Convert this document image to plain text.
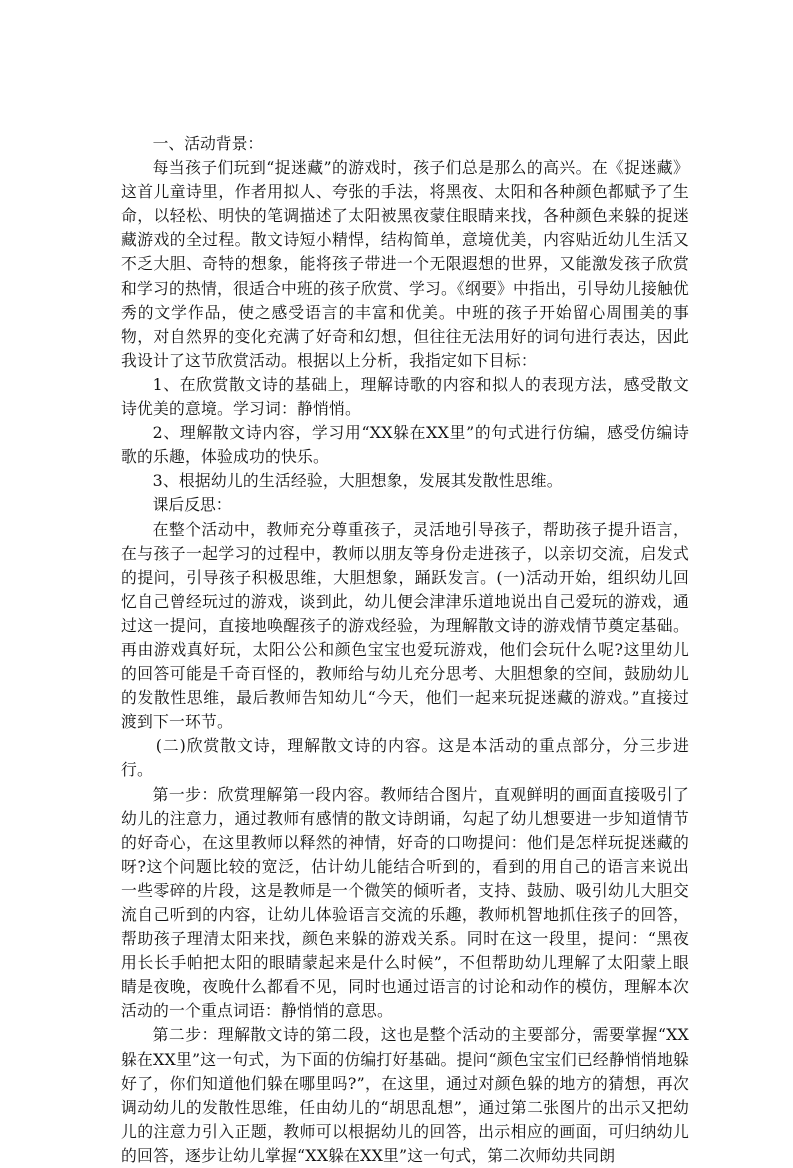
一、活动背景：

每当孩子们玩到“捉迷藏”的游戏时，孩子们总是那么的高兴。在《捉迷藏》这首儿童诗里，作者用拟人、夸张的手法，将黑夜、太阳和各种颜色都赋予了生命，以轻松、明快的笔调描述了太阳被黑夜蒙住眼睛来找，各种颜色来躲的捉迷藏游戏的全过程。散文诗短小精悍，结构简单，意境优美，内容贴近幼儿生活又不乏大胆、奇特的想象，能将孩子带进一个无限遐想的世界，又能激发孩子欣赏和学习的热情，很适合中班的孩子欣赏、学习。《纲要》中指出，引导幼儿接触优秀的文学作品，使之感受语言的丰富和优美。中班的孩子开始留心周围美的事物，对自然界的变化充满了好奇和幻想，但往往无法用好的词句进行表达，因此我设计了这节欣赏活动。根据以上分析，我指定如下目标：

1、在欣赏散文诗的基础上，理解诗歌的内容和拟人的表现方法，感受散文诗优美的意境。学习词：静悄悄。

2、理解散文诗内容，学习用“XX躲在XX里”的句式进行仿编，感受仿编诗歌的乐趣，体验成功的快乐。

3、根据幼儿的生活经验，大胆想象，发展其发散性思维。

课后反思：

在整个活动中，教师充分尊重孩子，灵活地引导孩子，帮助孩子提升语言，在与孩子一起学习的过程中，教师以朋友等身份走进孩子，以亲切交流，启发式的提问，引导孩子积极思维，大胆想象，踊跃发言。(一)活动开始，组织幼儿回忆自己曾经玩过的游戏，谈到此，幼儿便会津津乐道地说出自己爱玩的游戏，通过这一提问，直接地唤醒孩子的游戏经验，为理解散文诗的游戏情节奠定基础。再由游戏真好玩，太阳公公和颜色宝宝也爱玩游戏，他们会玩什么呢?这里幼儿的回答可能是千奇百怪的，教师给与幼儿充分思考、大胆想象的空间，鼓励幼儿的发散性思维，最后教师告知幼儿“今天，他们一起来玩捉迷藏的游戏。”直接过渡到下一环节。

(二)欣赏散文诗，理解散文诗的内容。这是本活动的重点部分，分三步进行。

第一步：欣赏理解第一段内容。教师结合图片，直观鲜明的画面直接吸引了幼儿的注意力，通过教师有感情的散文诗朗诵，勾起了幼儿想要进一步知道情节的好奇心，在这里教师以释然的神情，好奇的口吻提问：他们是怎样玩捉迷藏的呀?这个问题比较的宽泛，估计幼儿能结合听到的，看到的用自己的语言来说出一些零碎的片段，这是教师是一个微笑的倾听者，支持、鼓励、吸引幼儿大胆交流自己听到的内容，让幼儿体验语言交流的乐趣，教师机智地抓住孩子的回答，帮助孩子理清太阳来找，颜色来躲的游戏关系。同时在这一段里，提问：“黑夜用长长手帕把太阳的眼睛蒙起来是什么时候”，不但帮助幼儿理解了太阳蒙上眼睛是夜晚，夜晚什么都看不见，同时也通过语言的讨论和动作的模仿，理解本次活动的一个重点词语：静悄悄的意思。

第二步：理解散文诗的第二段，这也是整个活动的主要部分，需要掌握“XX躲在XX里”这一句式，为下面的仿编打好基础。提问“颜色宝宝们已经静悄悄地躲好了，你们知道他们躲在哪里吗?”，在这里，通过对颜色躲的地方的猜想，再次调动幼儿的发散性思维，任由幼儿的“胡思乱想”，通过第二张图片的出示又把幼儿的注意力引入正题，教师可以根据幼儿的回答，出示相应的画面，可归纳幼儿的回答，逐步让幼儿掌握“XX躲在XX里”这一句式，第二次师幼共同朗
